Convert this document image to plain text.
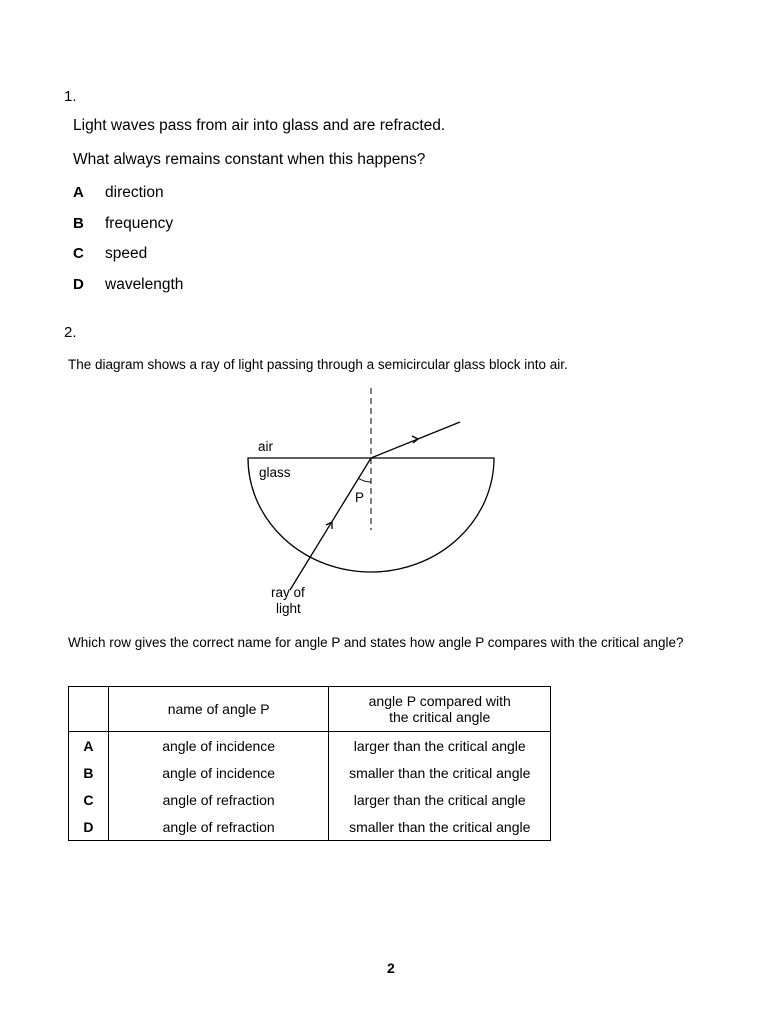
1.
Light waves pass from air into glass and are refracted.
What always remains constant when this happens?
A direction
B frequency
C speed
D wavelength
2.
The diagram shows a ray of light passing through a semicircular glass block into air.
air
glass
P
ray of
light
Which row gives the correct name for angle P and states how angle P compares with the critical angle?
	name of angle P	angle P compared with
the critical angle
A	angle of incidence	larger than the critical angle
B	angle of incidence	smaller than the critical angle
C	angle of refraction	larger than the critical angle
D	angle of refraction	smaller than the critical angle
2
